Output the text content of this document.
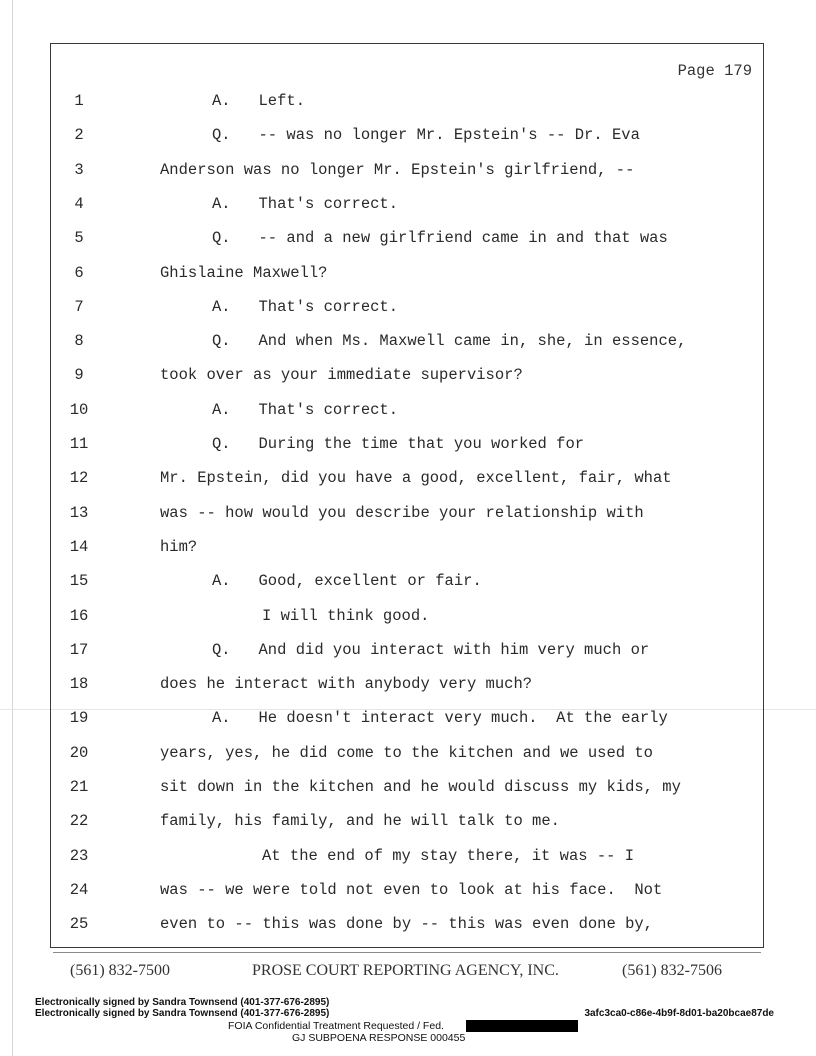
Page 179
1	A.   Left.
2	Q.   -- was no longer Mr. Epstein's -- Dr. Eva
3	Anderson was no longer Mr. Epstein's girlfriend, --
4	A.   That's correct.
5	Q.   -- and a new girlfriend came in and that was
6	Ghislaine Maxwell?
7	A.   That's correct.
8	Q.   And when Ms. Maxwell came in, she, in essence,
9	took over as your immediate supervisor?
10	A.   That's correct.
11	Q.   During the time that you worked for
12	Mr. Epstein, did you have a good, excellent, fair, what
13	was -- how would you describe your relationship with
14	him?
15	A.   Good, excellent or fair.
16	I will think good.
17	Q.   And did you interact with him very much or
18	does he interact with anybody very much?
19	A.   He doesn't interact very much.  At the early
20	years, yes, he did come to the kitchen and we used to
21	sit down in the kitchen and he would discuss my kids, my
22	family, his family, and he will talk to me.
23	At the end of my stay there, it was -- I
24	was -- we were told not even to look at his face.  Not
25	even to -- this was done by -- this was even done by,
(561) 832-7500	PROSE COURT REPORTING AGENCY, INC.	(561) 832-7506
Electronically signed by Sandra Townsend (401-377-676-2895)
Electronically signed by Sandra Townsend (401-377-676-2895)	3afc3ca0-c86e-4b9f-8d01-ba20bcae87de
FOIA Confidential Treatment Requested / Fed.
GJ SUBPOENA RESPONSE 000455
